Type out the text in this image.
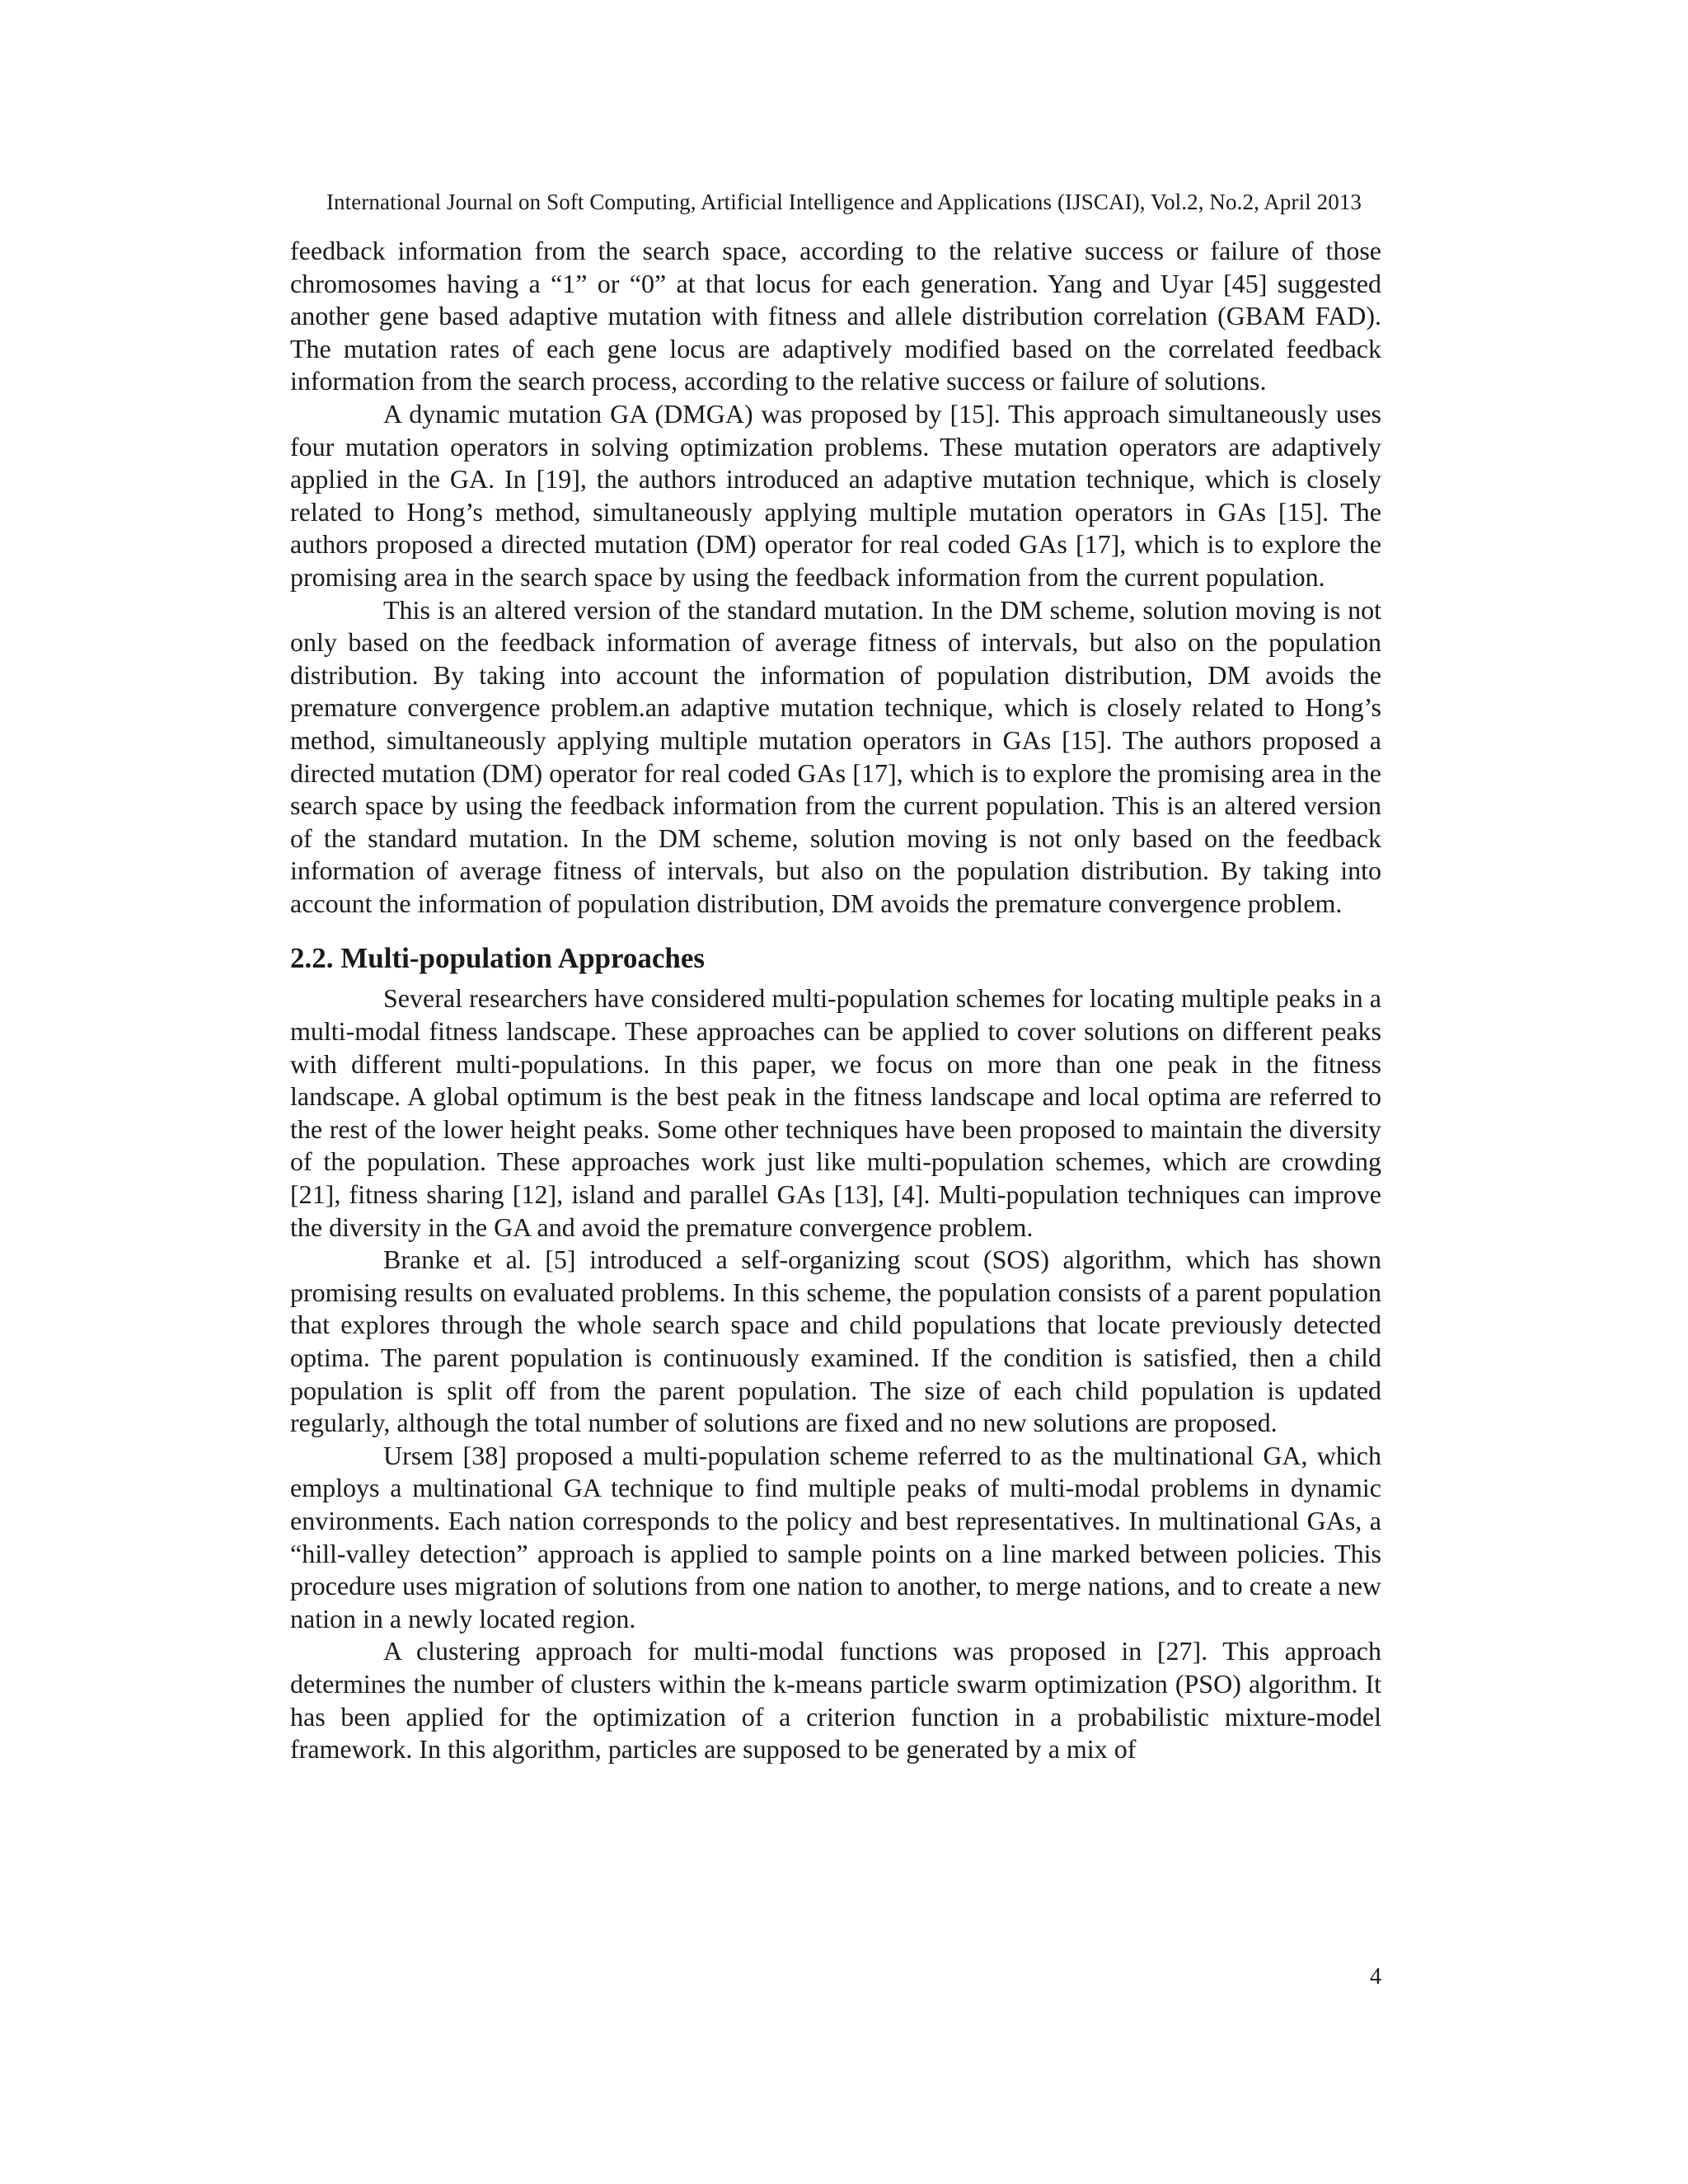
International Journal on Soft Computing, Artificial Intelligence and Applications (IJSCAI), Vol.2, No.2, April 2013

feedback information from the search space, according to the relative success or failure of those chromosomes having a “1” or “0” at that locus for each generation. Yang and Uyar [45] suggested another gene based adaptive mutation with fitness and allele distribution correlation (GBAM FAD). The mutation rates of each gene locus are adaptively modified based on the correlated feedback information from the search process, according to the relative success or failure of solutions.

A dynamic mutation GA (DMGA) was proposed by [15]. This approach simultaneously uses four mutation operators in solving optimization problems. These mutation operators are adaptively applied in the GA. In [19], the authors introduced an adaptive mutation technique, which is closely related to Hong’s method, simultaneously applying multiple mutation operators in GAs [15]. The authors proposed a directed mutation (DM) operator for real coded GAs [17], which is to explore the promising area in the search space by using the feedback information from the current population.

This is an altered version of the standard mutation. In the DM scheme, solution moving is not only based on the feedback information of average fitness of intervals, but also on the population distribution. By taking into account the information of population distribution, DM avoids the premature convergence problem.an adaptive mutation technique, which is closely related to Hong’s method, simultaneously applying multiple mutation operators in GAs [15]. The authors proposed a directed mutation (DM) operator for real coded GAs [17], which is to explore the promising area in the search space by using the feedback information from the current population. This is an altered version of the standard mutation. In the DM scheme, solution moving is not only based on the feedback information of average fitness of intervals, but also on the population distribution. By taking into account the information of population distribution, DM avoids the premature convergence problem.

2.2. Multi-population Approaches

Several researchers have considered multi-population schemes for locating multiple peaks in a multi-modal fitness landscape. These approaches can be applied to cover solutions on different peaks with different multi-populations. In this paper, we focus on more than one peak in the fitness landscape. A global optimum is the best peak in the fitness landscape and local optima are referred to the rest of the lower height peaks. Some other techniques have been proposed to maintain the diversity of the population. These approaches work just like multi-population schemes, which are crowding [21], fitness sharing [12], island and parallel GAs [13], [4]. Multi-population techniques can improve the diversity in the GA and avoid the premature convergence problem.

Branke et al. [5] introduced a self-organizing scout (SOS) algorithm, which has shown promising results on evaluated problems. In this scheme, the population consists of a parent population that explores through the whole search space and child populations that locate previously detected optima. The parent population is continuously examined. If the condition is satisfied, then a child population is split off from the parent population. The size of each child population is updated regularly, although the total number of solutions are fixed and no new solutions are proposed.

Ursem [38] proposed a multi-population scheme referred to as the multinational GA, which employs a multinational GA technique to find multiple peaks of multi-modal problems in dynamic environments. Each nation corresponds to the policy and best representatives. In multinational GAs, a “hill-valley detection” approach is applied to sample points on a line marked between policies. This procedure uses migration of solutions from one nation to another, to merge nations, and to create a new nation in a newly located region.

A clustering approach for multi-modal functions was proposed in [27]. This approach determines the number of clusters within the k-means particle swarm optimization (PSO) algorithm. It has been applied for the optimization of a criterion function in a probabilistic mixture-model framework. In this algorithm, particles are supposed to be generated by a mix of

4
